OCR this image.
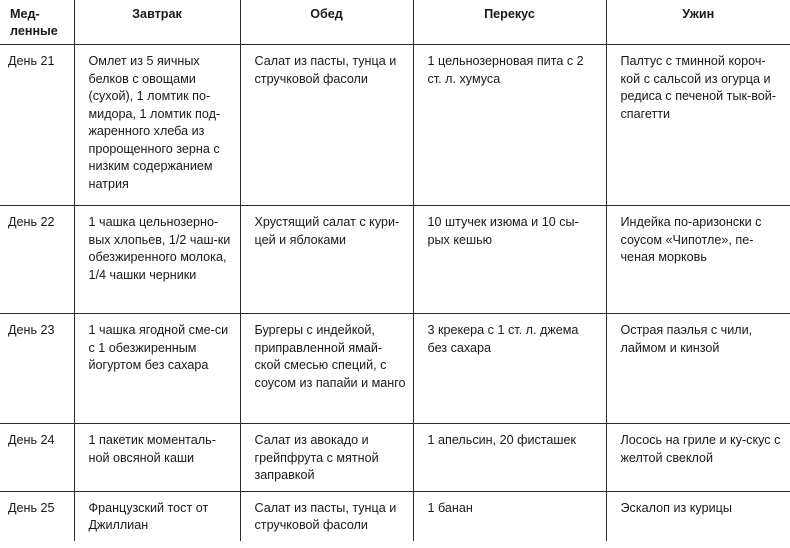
Мед-
ленные	Завтрак	Обед	Перекус	Ужин
День 21	Омлет из 5 яичных белков с овощами (сухой), 1 ломтик по-мидора, 1 ломтик под-жаренного хлеба из пророщенного зерна с низким содержанием натрия	Салат из пасты, тунца и стручковой фасоли	1 цельнозерновая пита с 2 ст. л. хумуса	Палтус с тминной короч-кой с сальсой из огурца и редиса с печеной тык-вой-спагетти
День 22	1 чашка цельнозерно-вых хлопьев, 1/2 чаш-ки обезжиренного молока, 1/4 чашки черники	Хрустящий салат с кури-цей и яблоками	10 штучек изюма и 10 сы-рых кешью	Индейка по-аризонски с соусом «Чипотле», пе-ченая морковь
День 23	1 чашка ягодной сме-си с 1 обезжиренным йогуртом без сахара	Бургеры с индейкой, приправленной ямай-ской смесью специй, с соусом из папайи и манго	3 крекера с 1 ст. л. джема без сахара	Острая паэлья с чили, лаймом и кинзой
День 24	1 пакетик моменталь-ной овсяной каши	Салат из авокадо и грейпфрута с мятной заправкой	1 апельсин, 20 фисташек	Лосось на гриле и ку-скус с желтой свеклой
День 25	Французский тост от Джиллиан	Салат из пасты, тунца и стручковой фасоли	1 банан	Эскалоп из курицы
